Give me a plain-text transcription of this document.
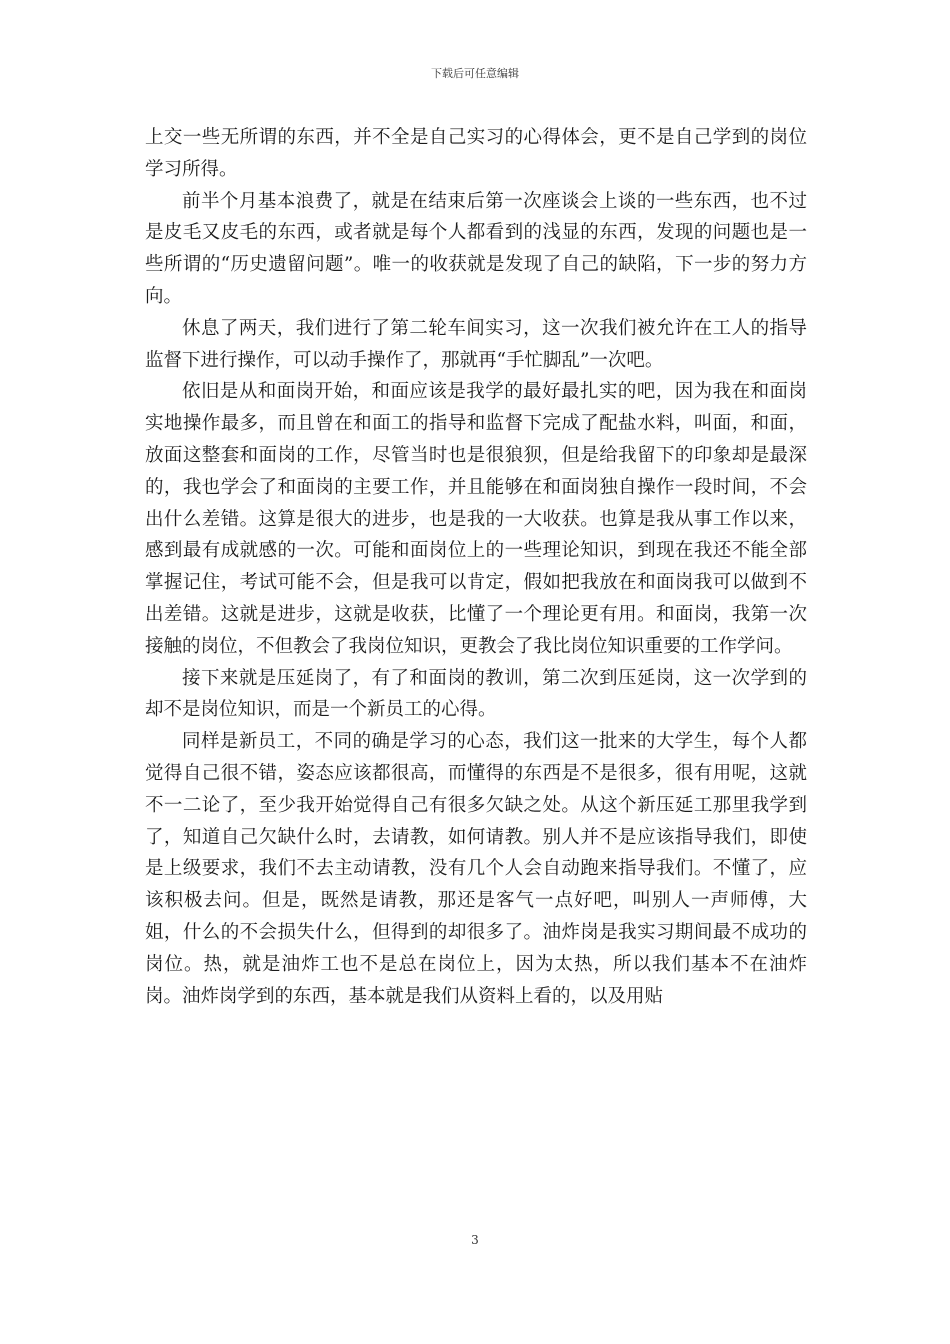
下载后可任意编辑

上交一些无所谓的东西，并不全是自己实习的心得体会，更不是自己学到的岗位学习所得。

前半个月基本浪费了，就是在结束后第一次座谈会上谈的一些东西，也不过是皮毛又皮毛的东西，或者就是每个人都看到的浅显的东西，发现的问题也是一些所谓的“历史遗留问题”。唯一的收获就是发现了自己的缺陷，下一步的努力方向。

休息了两天，我们进行了第二轮车间实习，这一次我们被允许在工人的指导监督下进行操作，可以动手操作了，那就再“手忙脚乱”一次吧。

依旧是从和面岗开始，和面应该是我学的最好最扎实的吧，因为我在和面岗实地操作最多，而且曾在和面工的指导和监督下完成了配盐水料，叫面，和面，放面这整套和面岗的工作，尽管当时也是很狼狈，但是给我留下的印象却是最深的，我也学会了和面岗的主要工作，并且能够在和面岗独自操作一段时间，不会出什么差错。这算是很大的进步，也是我的一大收获。也算是我从事工作以来，感到最有成就感的一次。可能和面岗位上的一些理论知识，到现在我还不能全部掌握记住，考试可能不会，但是我可以肯定，假如把我放在和面岗我可以做到不出差错。这就是进步，这就是收获，比懂了一个理论更有用。和面岗，我第一次接触的岗位，不但教会了我岗位知识，更教会了我比岗位知识重要的工作学问。

接下来就是压延岗了，有了和面岗的教训，第二次到压延岗，这一次学到的却不是岗位知识，而是一个新员工的心得。

同样是新员工，不同的确是学习的心态，我们这一批来的大学生，每个人都觉得自己很不错，姿态应该都很高，而懂得的东西是不是很多，很有用呢，这就不一二论了，至少我开始觉得自己有很多欠缺之处。从这个新压延工那里我学到了，知道自己欠缺什么时，去请教，如何请教。别人并不是应该指导我们，即使是上级要求，我们不去主动请教，没有几个人会自动跑来指导我们。不懂了，应该积极去问。但是，既然是请教，那还是客气一点好吧，叫别人一声师傅，大姐，什么的不会损失什么，但得到的却很多了。油炸岗是我实习期间最不成功的岗位。热，就是油炸工也不是总在岗位上，因为太热，所以我们基本不在油炸岗。油炸岗学到的东西，基本就是我们从资料上看的，以及用贴

3
